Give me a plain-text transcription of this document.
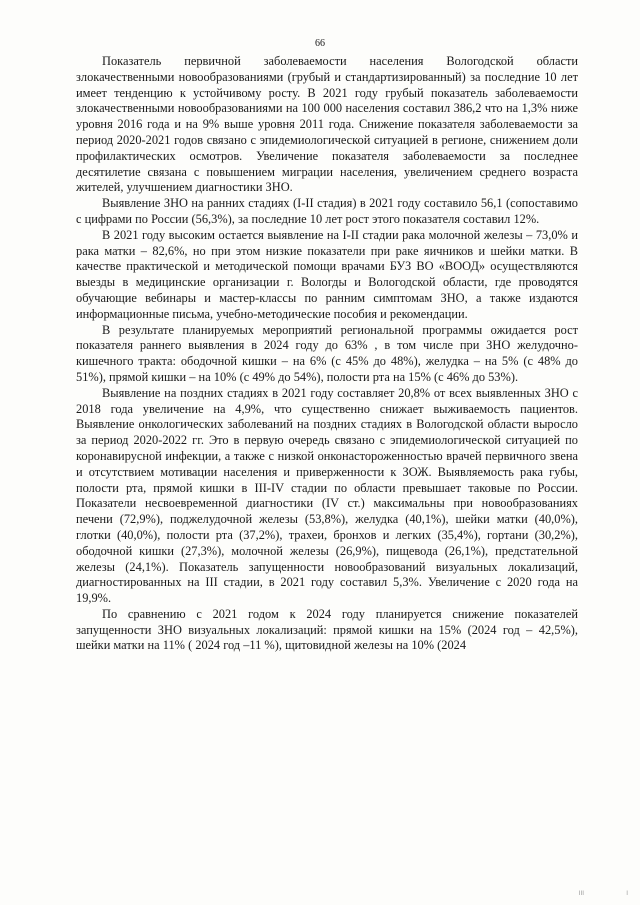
66

Показатель первичной заболеваемости населения Вологодской области злокачественными новообразованиями (грубый и стандартизированный) за последние 10 лет имеет тенденцию к устойчивому росту. В 2021 году грубый показатель заболеваемости злокачественными новообразованиями на 100 000 населения составил 386,2 что на 1,3% ниже уровня 2016 года и на 9% выше уровня 2011 года. Снижение показателя заболеваемости за период 2020-2021 годов связано с эпидемиологической ситуацией в регионе, снижением доли профилактических осмотров. Увеличение показателя заболеваемости за последнее десятилетие связана с повышением миграции населения, увеличением среднего возраста жителей, улучшением диагностики ЗНО.

Выявление ЗНО на ранних стадиях (I-II стадия) в 2021 году составило 56,1 (сопоставимо с цифрами по России (56,3%), за последние 10 лет рост этого показателя составил 12%.

В 2021 году высоким остается выявление на I-II стадии рака молочной железы – 73,0% и рака матки – 82,6%, но при этом низкие показатели при раке яичников и шейки матки. В качестве практической и методической помощи врачами БУЗ ВО «ВООД» осуществляются выезды в медицинские организации г. Вологды и Вологодской области, где проводятся обучающие вебинары и мастер-классы по ранним симптомам ЗНО, а также издаются информационные письма, учебно-методические пособия и рекомендации.

В результате планируемых мероприятий региональной программы ожидается рост показателя раннего выявления в 2024 году до 63% , в том числе при ЗНО желудочно-кишечного тракта: ободочной кишки – на 6% (с 45% до 48%), желудка – на 5% (с 48% до 51%), прямой кишки – на 10% (с 49% до 54%), полости рта на 15% (с 46% до 53%).

Выявление на поздних стадиях в 2021 году составляет 20,8% от всех выявленных ЗНО с 2018 года увеличение на 4,9%, что существенно снижает выживаемость пациентов. Выявление онкологических заболеваний на поздних стадиях в Вологодской области выросло за период 2020-2022 гг. Это в первую очередь связано с эпидемиологической ситуацией по коронавирусной инфекции, а также с низкой онконастороженностью врачей первичного звена и отсутствием мотивации населения и приверженности к ЗОЖ. Выявляемость рака губы, полости рта, прямой кишки в III-IV стадии по области превышает таковые по России. Показатели несвоевременной диагностики (IV ст.) максимальны при новообразованиях печени (72,9%), поджелудочной железы (53,8%), желудка (40,1%), шейки матки (40,0%), глотки (40,0%), полости рта (37,2%), трахеи, бронхов и легких (35,4%), гортани (30,2%), ободочной кишки (27,3%), молочной железы (26,9%), пищевода (26,1%), предстательной железы (24,1%). Показатель запущенности новообразований визуальных локализаций, диагностированных на III стадии, в 2021 году составил 5,3%. Увеличение с 2020 года на 19,9%.

По сравнению с 2021 годом к 2024 году планируется снижение показателей запущенности ЗНО визуальных локализаций: прямой кишки на 15% (2024 год – 42,5%), шейки матки на 11% ( 2024 год –11 %), щитовидной железы на 10% (2024

III	I
